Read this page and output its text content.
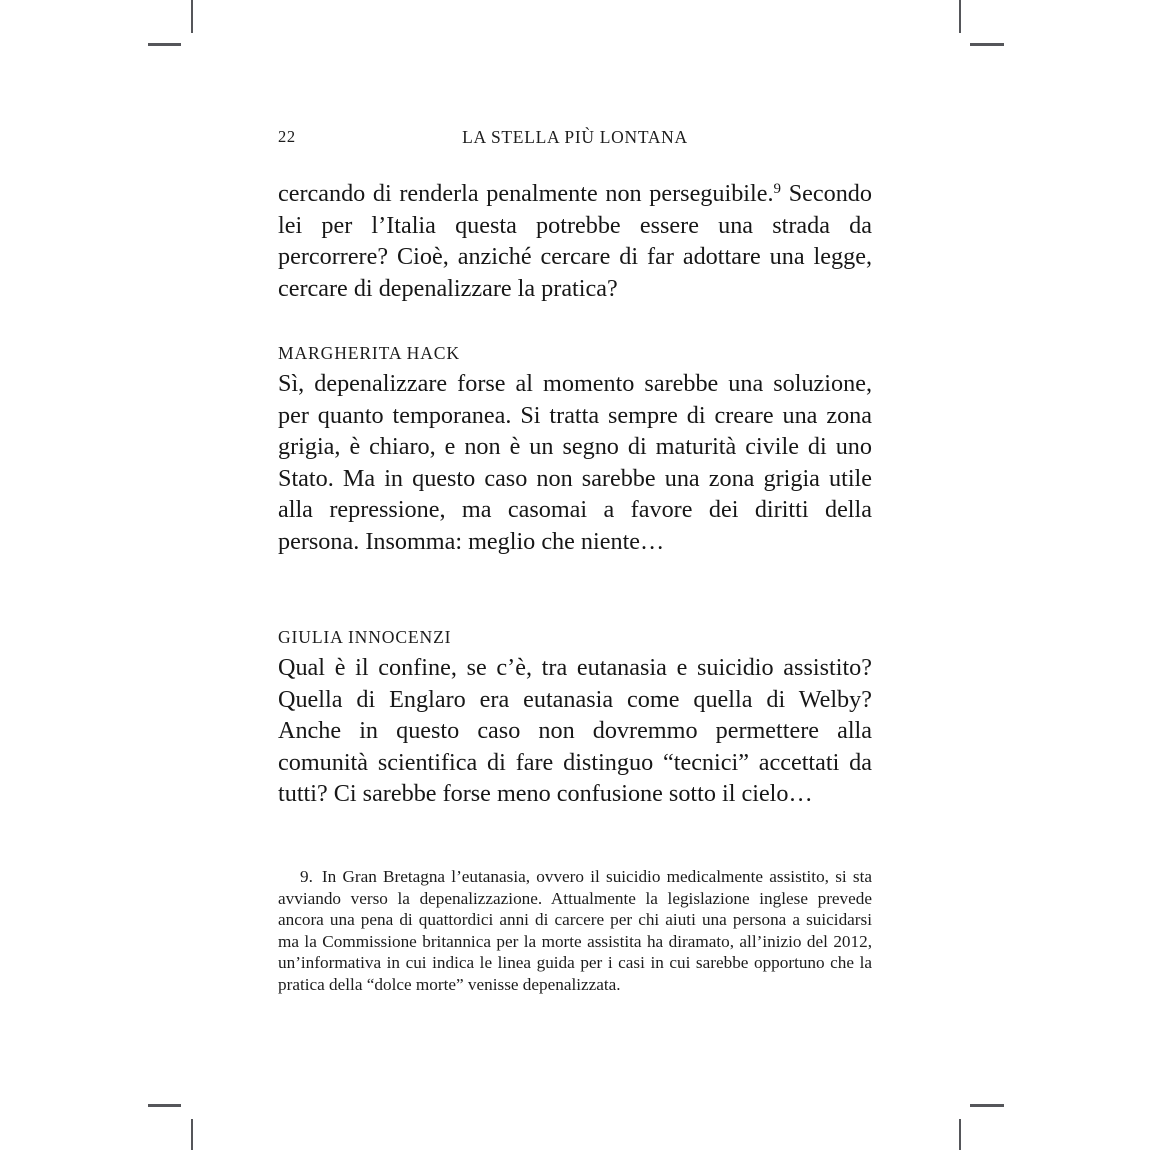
22	LA STELLA PIÙ LONTANA
cercando di renderla penalmente non perseguibile.$^9$ Secondo lei per l’Italia questa potrebbe essere una strada da percorrere? Cioè, anziché cercare di far adottare una legge, cercare di depenalizzare la pratica?
MARGHERITA HACK
Sì, depenalizzare forse al momento sarebbe una soluzione, per quanto temporanea. Si tratta sempre di creare una zona grigia, è chiaro, e non è un segno di maturità civile di uno Stato. Ma in questo caso non sarebbe una zona grigia utile alla repressione, ma casomai a favore dei diritti della persona. Insomma: meglio che niente…
GIULIA INNOCENZI
Qual è il confine, se c’è, tra eutanasia e suicidio assistito? Quella di Englaro era eutanasia come quella di Welby? Anche in questo caso non dovremmo permettere alla comunità scientifica di fare distinguo “tecnici” accettati da tutti? Ci sarebbe forse meno confusione sotto il cielo…
9. In Gran Bretagna l’eutanasia, ovvero il suicidio medicalmente assistito, si sta avviando verso la depenalizzazione. Attualmente la legislazione inglese prevede ancora una pena di quattordici anni di carcere per chi aiuti una persona a suicidarsi ma la Commissione britannica per la morte assistita ha diramato, all’inizio del 2012, un’informativa in cui indica le linea guida per i casi in cui sarebbe opportuno che la pratica della “dolce morte” venisse depenalizzata.
